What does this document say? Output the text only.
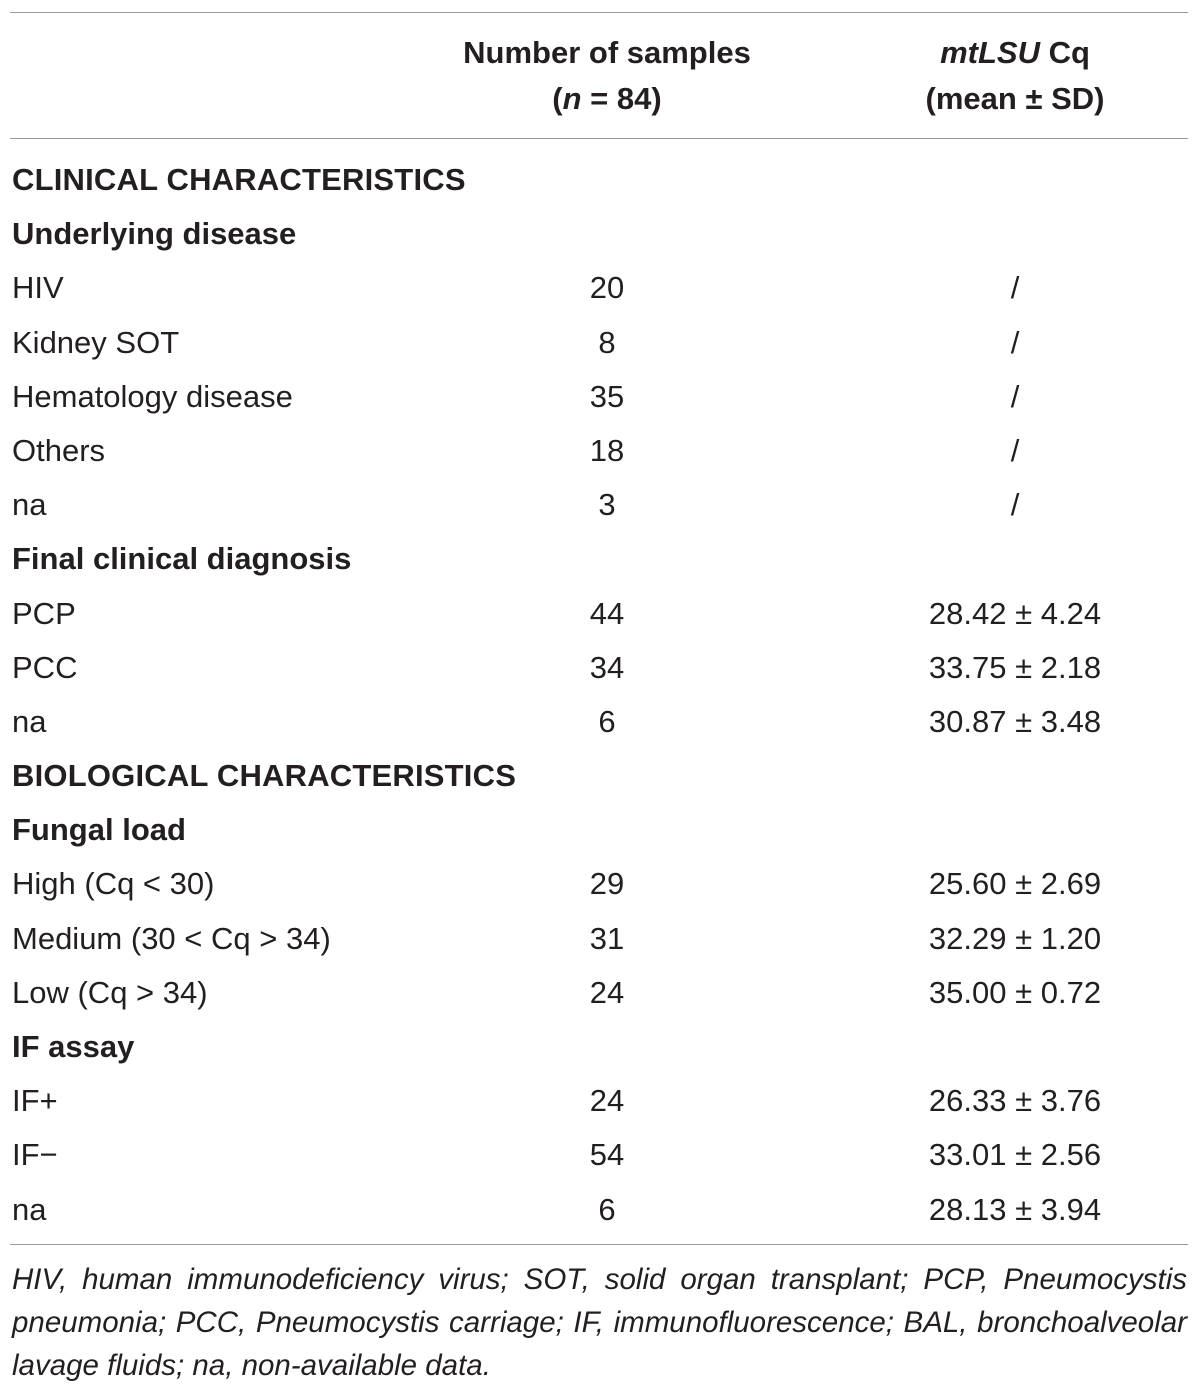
Number of samples
(n = 84)
mtLSU Cq
(mean ± SD)
CLINICAL CHARACTERISTICS
Underlying disease
HIV	20	/
Kidney SOT	8	/
Hematology disease	35	/
Others	18	/
na	3	/
Final clinical diagnosis
PCP	44	28.42 ± 4.24
PCC	34	33.75 ± 2.18
na	6	30.87 ± 3.48
BIOLOGICAL CHARACTERISTICS
Fungal load
High (Cq < 30)	29	25.60 ± 2.69
Medium (30 < Cq > 34)	31	32.29 ± 1.20
Low (Cq > 34)	24	35.00 ± 0.72
IF assay
IF+	24	26.33 ± 3.76
IF−	54	33.01 ± 2.56
na	6	28.13 ± 3.94
HIV, human immunodeficiency virus; SOT, solid organ transplant; PCP, Pneumocystis pneumonia; PCC, Pneumocystis carriage; IF, immunofluorescence; BAL, bronchoalveolar lavage fluids; na, non-available data.
